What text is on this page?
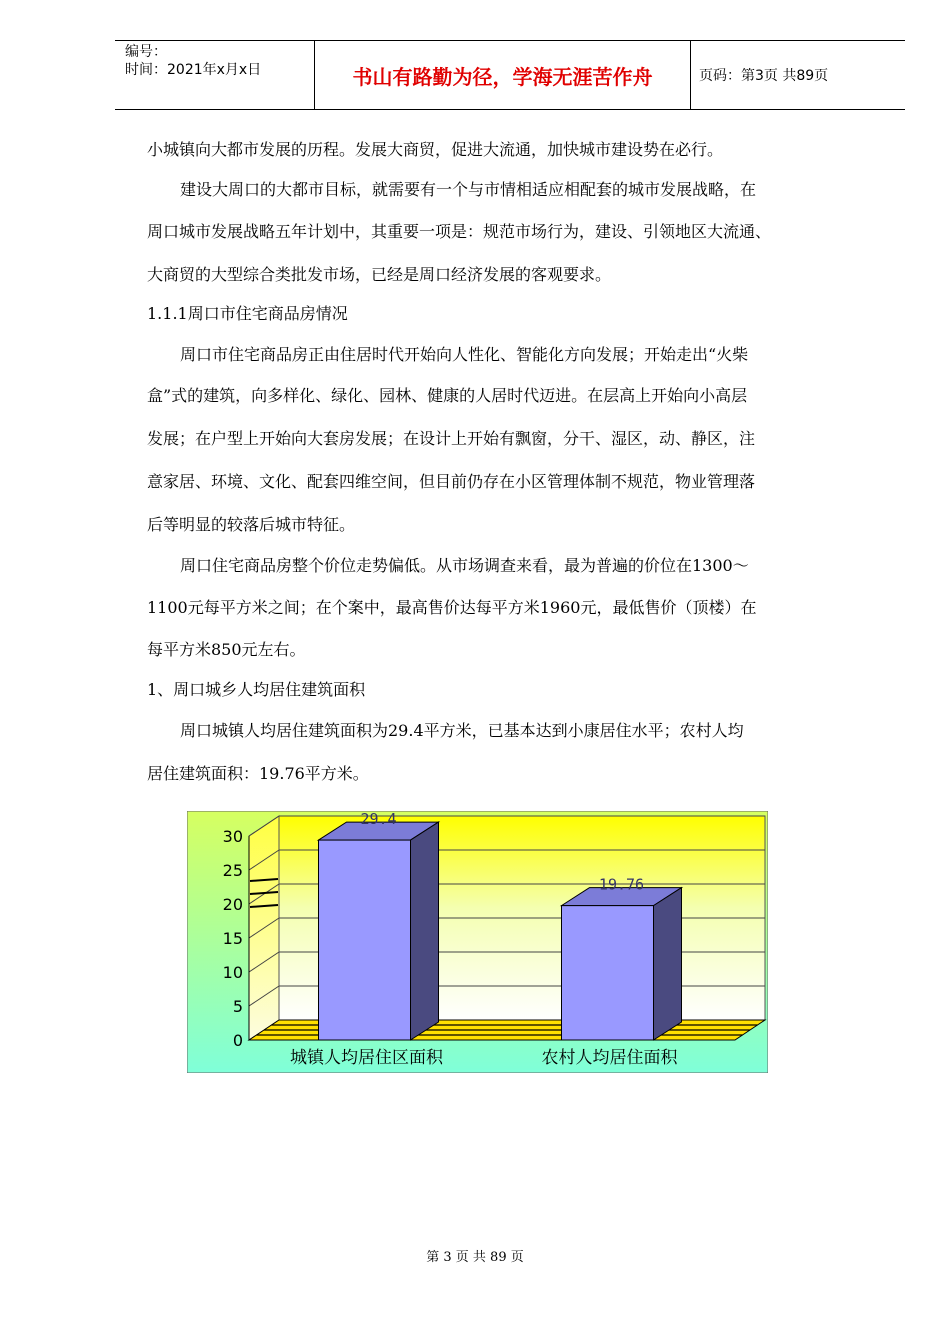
编号：
时间：2021年x月x日	书山有路勤为径，学海无涯苦作舟	页码：第3页 共89页
小城镇向大都市发展的历程。发展大商贸，促进大流通，加快城市建设势在必行。
建设大周口的大都市目标，就需要有一个与市情相适应相配套的城市发展战略，在
周口城市发展战略五年计划中，其重要一项是：规范市场行为，建设、引领地区大流通、
大商贸的大型综合类批发市场，已经是周口经济发展的客观要求。
1.1.1周口市住宅商品房情况
周口市住宅商品房正由住居时代开始向人性化、智能化方向发展；开始走出“火柴
盒”式的建筑，向多样化、绿化、园林、健康的人居时代迈进。在层高上开始向小高层
发展；在户型上开始向大套房发展；在设计上开始有飘窗，分干、湿区，动、静区，注
意家居、环境、文化、配套四维空间，但目前仍存在小区管理体制不规范，物业管理落
后等明显的较落后城市特征。
周口住宅商品房整个价位走势偏低。从市场调查来看，最为普遍的价位在1300～
1100元每平方米之间；在个案中，最高售价达每平方米1960元，最低售价（顶楼）在
每平方米850元左右。
1、周口城乡人均居住建筑面积
周口城镇人均居住建筑面积为29.4平方米，已基本达到小康居住水平；农村人均
居住建筑面积：19.76平方米。
0
5
10
15
20
25
30
29.4
城镇人均居住区面积
19.76
农村人均居住面积
第 3 页 共 89 页
